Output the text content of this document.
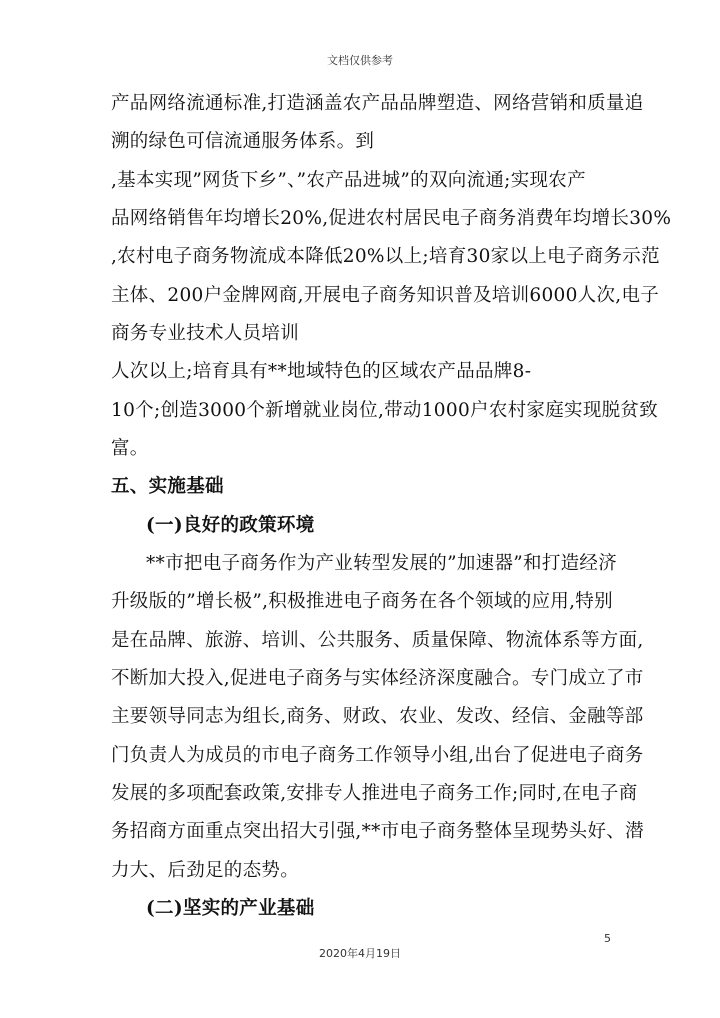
文档仅供参考
产品网络流通标准,打造涵盖农产品品牌塑造、网络营销和质量追
溯的绿色可信流通服务体系。到
,基本实现”网货下乡”、”农产品进城”的双向流通;实现农产
品网络销售年均增长20%,促进农村居民电子商务消费年均增长30%
,农村电子商务物流成本降低20%以上;培育30家以上电子商务示范
主体、200户金牌网商,开展电子商务知识普及培训6000人次,电子
商务专业技术人员培训
人次以上;培育具有**地域特色的区域农产品品牌8-
10个;创造3000个新增就业岗位,带动1000户农村家庭实现脱贫致
富。
五、实施基础
(一)良好的政策环境
**市把电子商务作为产业转型发展的”加速器”和打造经济
升级版的”增长极”,积极推进电子商务在各个领域的应用,特别
是在品牌、旅游、培训、公共服务、质量保障、物流体系等方面,
不断加大投入,促进电子商务与实体经济深度融合。专门成立了市
主要领导同志为组长,商务、财政、农业、发改、经信、金融等部
门负责人为成员的市电子商务工作领导小组,出台了促进电子商务
发展的多项配套政策,安排专人推进电子商务工作;同时,在电子商
务招商方面重点突出招大引强,**市电子商务整体呈现势头好、潜
力大、后劲足的态势。
(二)坚实的产业基础
5
2020年4月19日
